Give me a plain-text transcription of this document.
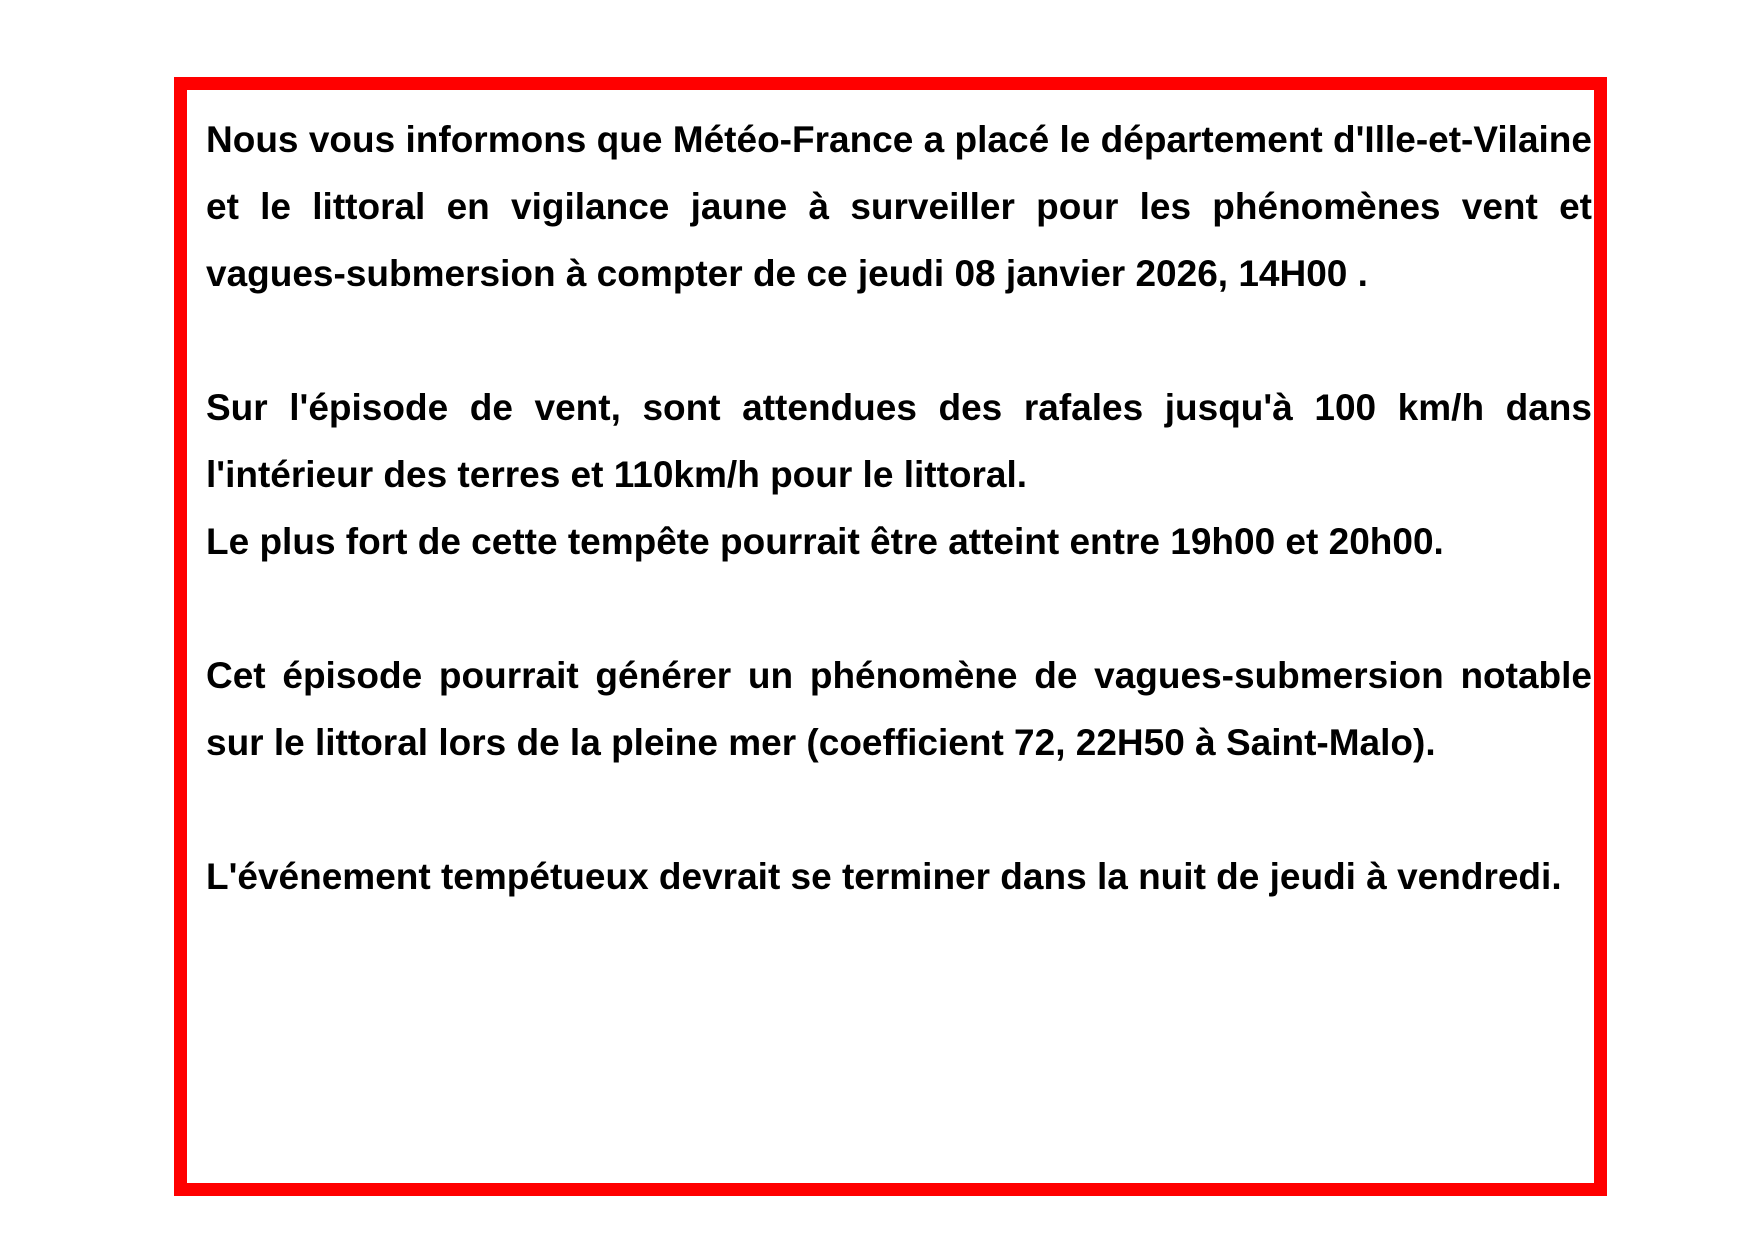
Nous vous informons que Météo-France a placé le département d'Ille-et-Vilaine et le littoral en vigilance jaune à surveiller pour les phénomènes vent et vagues-submersion à compter de ce jeudi 08 janvier 2026, 14H00 .

Sur l'épisode de vent, sont attendues des rafales jusqu'à 100 km/h dans l'intérieur des terres et 110km/h pour le littoral.

Le plus fort de cette tempête pourrait être atteint entre 19h00 et 20h00.

Cet épisode pourrait générer un phénomène de vagues-submersion notable sur le littoral lors de la pleine mer (coefficient 72, 22H50 à Saint-Malo).

L'événement tempétueux devrait se terminer dans la nuit de jeudi à vendredi.
